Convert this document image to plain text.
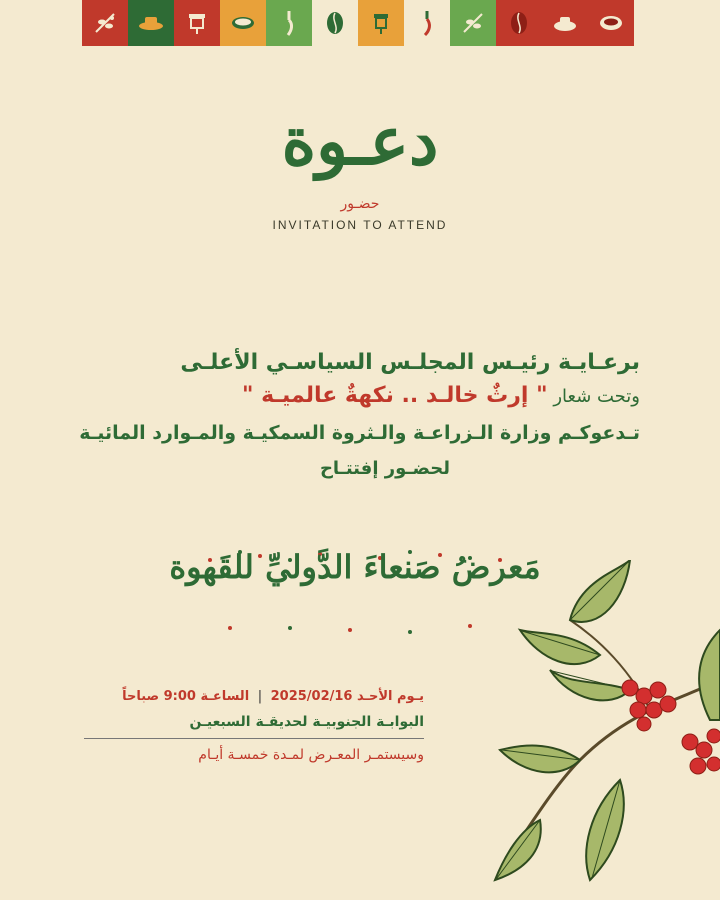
دعـوة
حضـور
INVITATION TO ATTEND
برعـايـة رئيـس المجلـس السياسـي الأعلـى
وتحت شعار " إرثٌ خالـد .. نكهةٌ عالميـة "
تـدعوكـم وزارة الـزراعـة والـثروة السمكيـة والمـوارد المائيـة
لحضـور إفتتـاح
مَعرضُ صَنعاءَ الدَّوليِّ للقَهوة
يـوم الأحـد 2025/02/16 | الساعـة 9:00 صباحاً
البوابـة الجنوبيـة لحديقـة السبعيـن
وسيستمـر المعـرض لمـدة خمسـة أيـام
